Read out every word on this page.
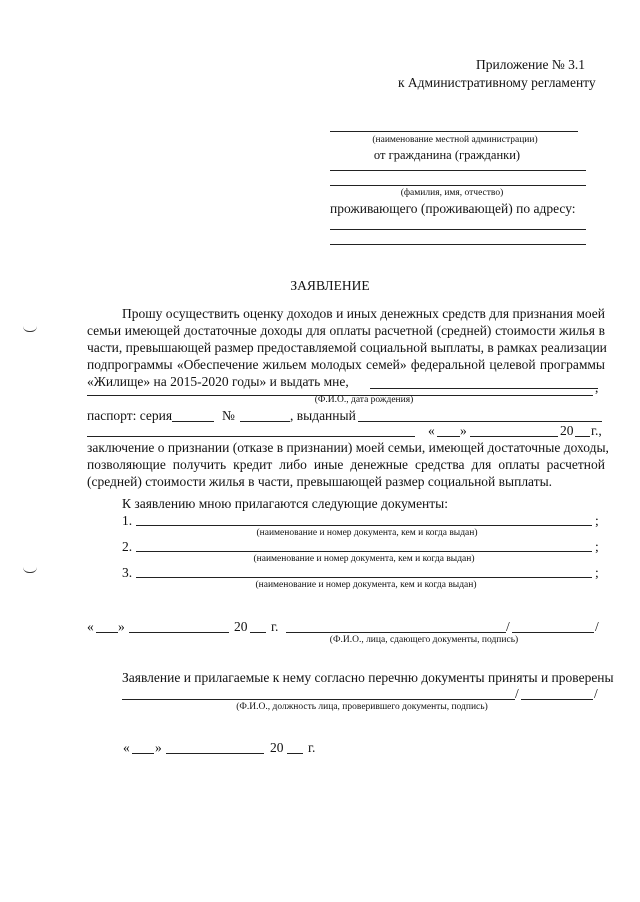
Приложение № 3.1
к Административному регламенту
(наименование местной администрации)
от гражданина (гражданки)
(фамилия, имя, отчество)
проживающего (проживающей) по адресу:
ЗАЯВЛЕНИЕ
Прошу осуществить оценку доходов и иных денежных средств для признания моей
семьи имеющей достаточные доходы для оплаты расчетной (средней) стоимости жилья в
части, превышающей размер предоставляемой социальной выплаты, в рамках реализации
подпрограммы «Обеспечение жильем молодых семей» федеральной целевой программы
«Жилище» на 2015-2020 годы» и выдать мне,	,
(Ф.И.О., дата рождения)
паспорт: серия	№	, выданный
« »	20 г.,
заключение о признании (отказе в признании) моей семьи, имеющей достаточные доходы,
позволяющие получить кредит либо иные денежные средства для оплаты расчетной
(средней) стоимости жилья в части, превышающей размер социальной выплаты.
К заявлению мною прилагаются следующие документы:
1.	;
(наименование и номер документа, кем и когда выдан)
2.	;
(наименование и номер документа, кем и когда выдан)
3.	;
(наименование и номер документа, кем и когда выдан)
« »	20 г.	/	/
(Ф.И.О., лица, сдающего документы, подпись)
Заявление и прилагаемые к нему согласно перечню документы приняты и проверены
/	/
(Ф.И.О., должность лица, проверившего документы, подпись)
« »	20 г.
